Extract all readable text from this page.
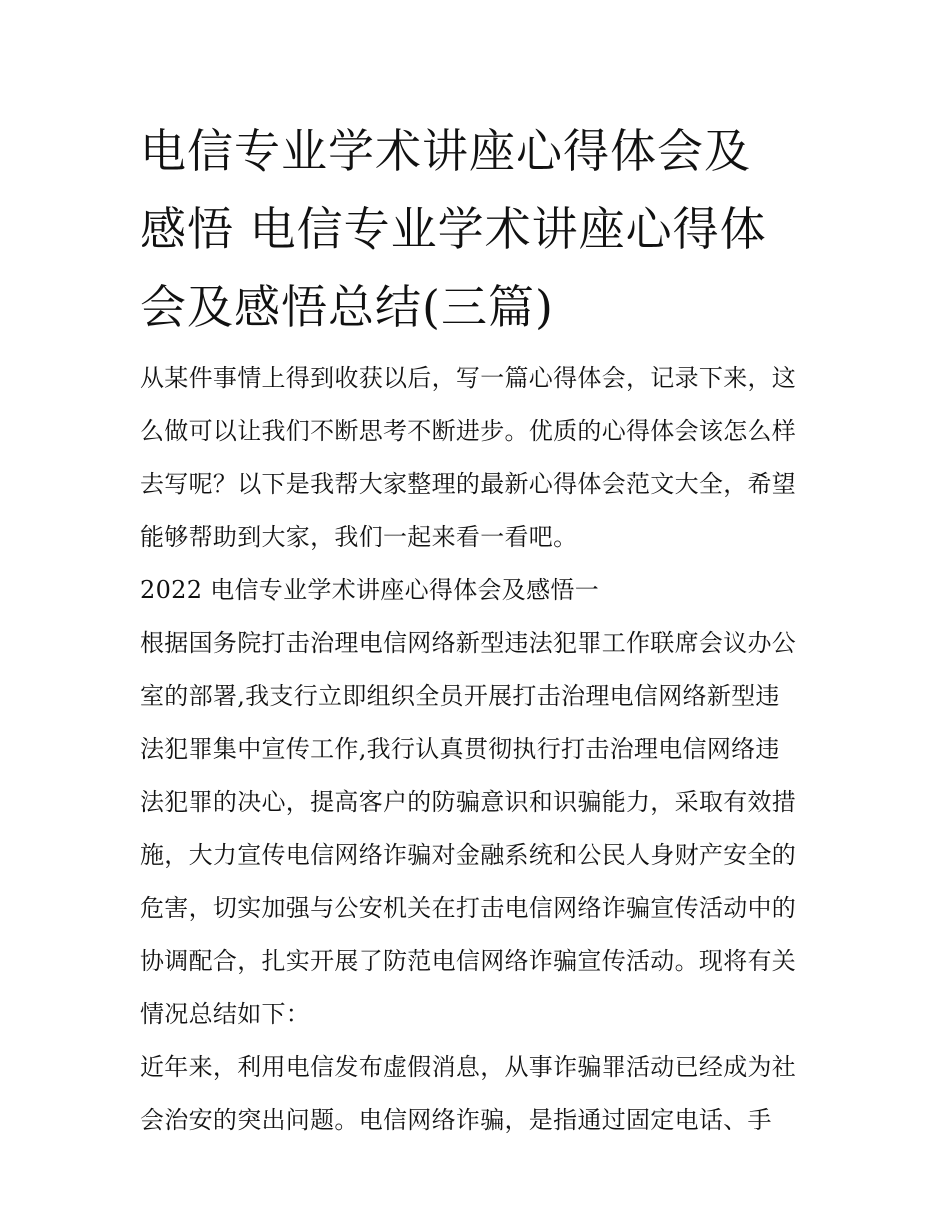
电信专业学术讲座心得体会及
感悟 电信专业学术讲座心得体
会及感悟总结(三篇)
从某件事情上得到收获以后，写一篇心得体会，记录下来，这
么做可以让我们不断思考不断进步。优质的心得体会该怎么样
去写呢？以下是我帮大家整理的最新心得体会范文大全，希望
能够帮助到大家，我们一起来看一看吧。
2022 电信专业学术讲座心得体会及感悟一
根据国务院打击治理电信网络新型违法犯罪工作联席会议办公
室的部署,我支行立即组织全员开展打击治理电信网络新型违
法犯罪集中宣传工作,我行认真贯彻执行打击治理电信网络违
法犯罪的决心，提高客户的防骗意识和识骗能力，采取有效措
施，大力宣传电信网络诈骗对金融系统和公民人身财产安全的
危害，切实加强与公安机关在打击电信网络诈骗宣传活动中的
协调配合，扎实开展了防范电信网络诈骗宣传活动。现将有关
情况总结如下：
近年来，利用电信发布虚假消息，从事诈骗罪活动已经成为社
会治安的突出问题。电信网络诈骗，是指通过固定电话、手
